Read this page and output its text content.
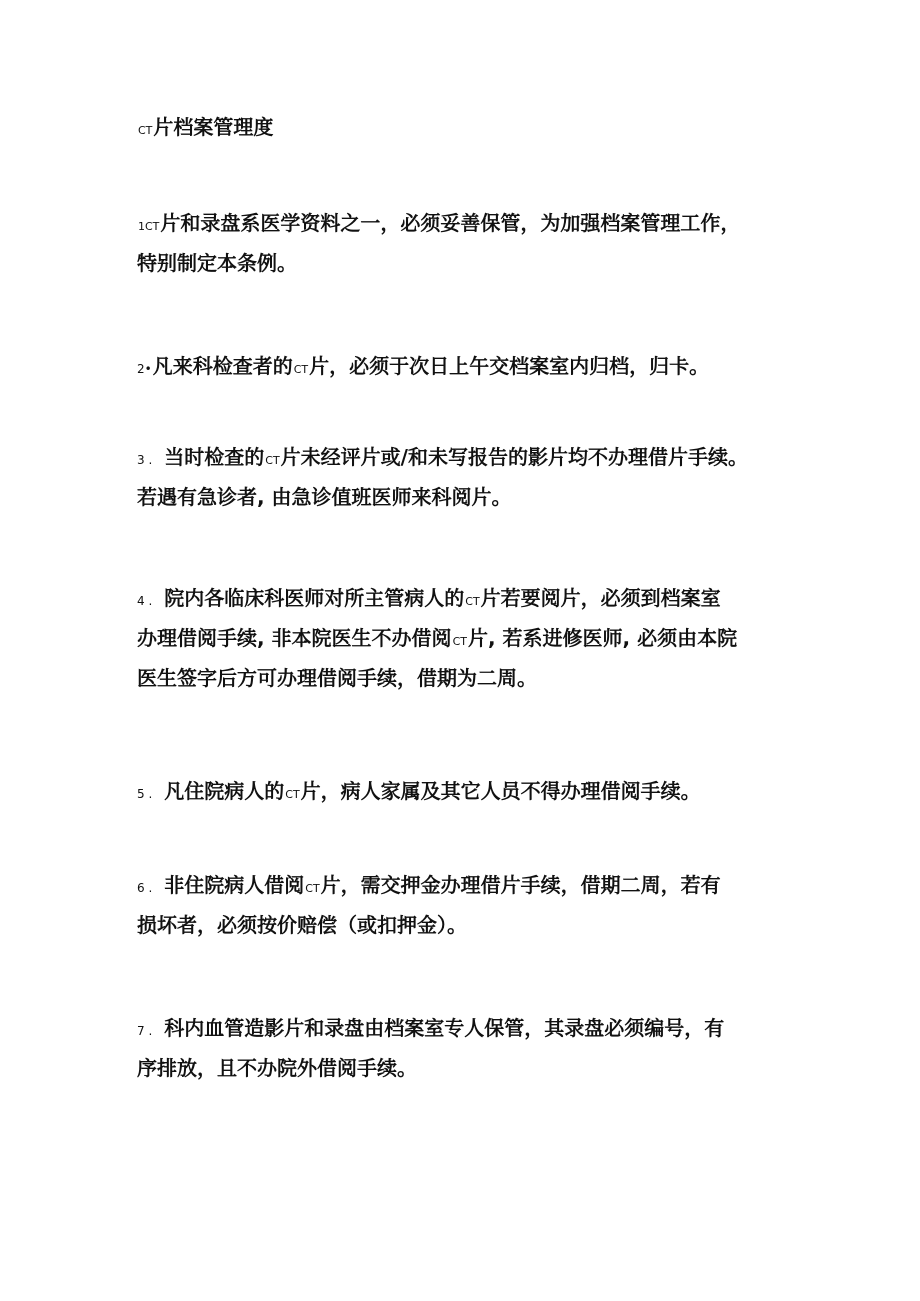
CT片档案管理度
1CT片和录盘系医学资料之一，必须妥善保管，为加强档案管理工作，
特别制定本条例。
2•凡来科检查者的CT片，必须于次日上午交档案室内归档，归卡。
3 . 当时检查的CT片未经评片或/和未写报告的影片均不办理借片手续。
若遇有急诊者, 由急诊值班医师来科阅片。
4 . 院内各临床科医师对所主管病人的CT片若要阅片，必须到档案室
办理借阅手续, 非本院医生不办借阅CT片, 若系进修医师, 必须由本院
医生签字后方可办理借阅手续，借期为二周。
5 . 凡住院病人的CT片，病人家属及其它人员不得办理借阅手续。
6 . 非住院病人借阅CT片，需交押金办理借片手续，借期二周，若有
损坏者，必须按价赔偿（或扣押金）。
7 . 科内血管造影片和录盘由档案室专人保管，其录盘必须编号，有
序排放，且不办院外借阅手续。
